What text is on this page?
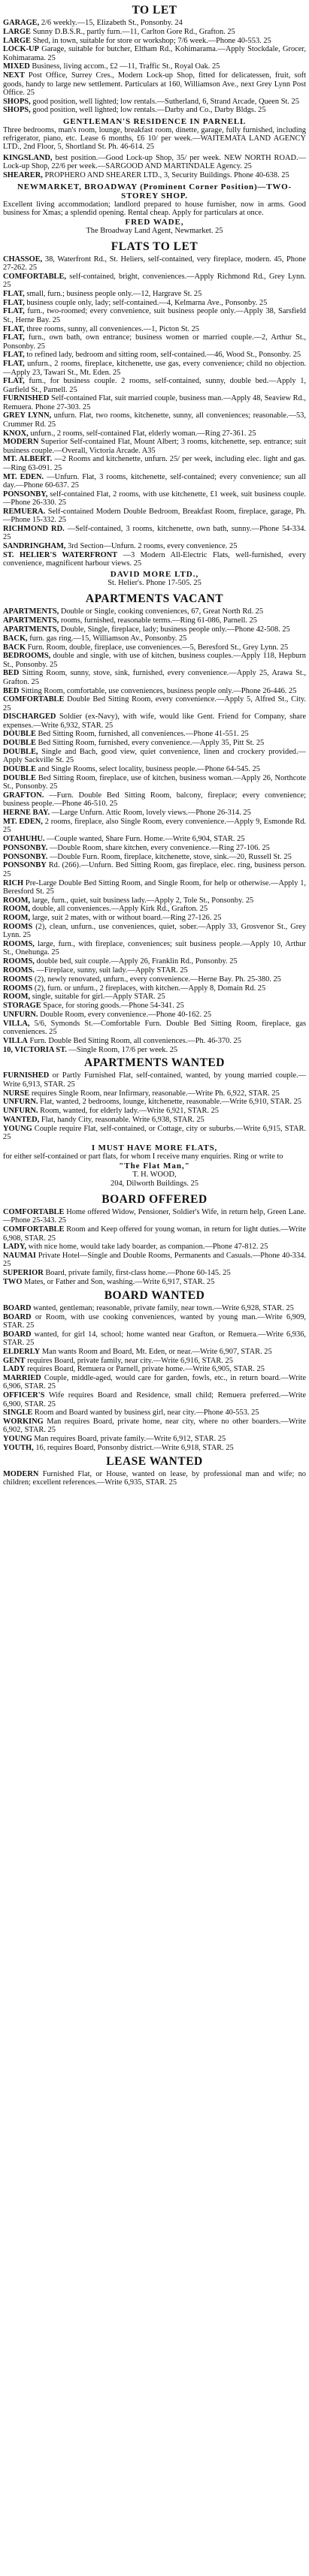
TO LET

GARAGE, 2/6 weekly.—15, Elizabeth St., Ponsonby. 24

LARGE Sunny D.B.S.R., partly furn.—11, Carlton Gore Rd., Grafton. 25

LARGE Shed, in town, suitable for store or workshop; 7/6 week.—Phone 40-553. 25

LOCK-UP Garage, suitable for butcher, Eltham Rd., Kohimarama.—Apply Stockdale, Grocer, Kohimarama. 25

MIXED Business, living accom., £2 —11, Traffic St., Royal Oak. 25

NEXT Post Office, Surrey Cres., Modern Lock-up Shop, fitted for delicatessen, fruit, soft goods, handy to large new settlement. Particulars at 160, Williamson Ave., next Grey Lynn Post Office. 25

SHOPS, good position, well lighted; low rentals.—Sutherland, 6, Strand Arcade, Queen St. 25

SHOPS, good position, well lighted; low rentals.—Darby and Co., Darby Bldgs. 25

GENTLEMAN'S RESIDENCE IN PARNELL
Three bedrooms, man's room, lounge, breakfast room, dinette, garage, fully furnished, including refrigerator, piano, etc. Lease 6 months, £6 10/ per week.—WAITEMATA LAND AGENCY LTD., 2nd Floor, 5, Shortland St. Ph. 46-614. 25

KINGSLAND, best position.—Good Lock-up Shop, 35/ per week. NEW NORTH ROAD.—Lock-up Shop, 22/6 per week.—SARGOOD AND MARTINDALE Agency. 25

SHEARER, PROPHERO AND SHEARER LTD., 3, Security Buildings. Phone 40-638. 25

NEWMARKET, BROADWAY (Prominent Corner Position)—TWO-STOREY SHOP.
Excellent living accommodation; landlord prepared to house furnisher, now in arms. Good business for Xmas; a splendid opening. Rental cheap. Apply for particulars at once.
FRED WADE,
The Broadway Land Agent, Newmarket. 25
FLATS TO LET

CHASSOE, 38, Waterfront Rd., St. Heliers, self-contained, very fireplace, modern. 45, Phone 27-262. 25

COMFORTABLE, self-contained, bright, conveniences.—Apply Richmond Rd., Grey Lynn. 25

FLAT, small, furn.; business people only.—12, Hargrave St. 25

FLAT, business couple only, lady; self-contained.—4, Kelmarna Ave., Ponsonby. 25

FLAT, furn., two-roomed; every convenience, suit business people only.—Apply 38, Sarsfield St., Herne Bay. 25

FLAT, three rooms, sunny, all conveniences.—1, Picton St. 25

FLAT, furn., own bath, own entrance; business women or married couple.—2, Arthur St., Ponsonby. 25

FLAT, to refined lady, bedroom and sitting room, self-contained.—46, Wood St., Ponsonby. 25

FLAT, unfurn., 2 rooms, fireplace, kitchenette, use gas, every convenience; child no objection.—Apply 23, Tawari St., Mt. Eden. 25

FLAT, furn., for business couple. 2 rooms, self-contained, sunny, double bed.—Apply 1, Garfield St., Parnell. 25

FURNISHED Self-contained Flat, suit married couple, business man.—Apply 48, Seaview Rd., Remuera. Phone 27-303. 25

GREY LYNN, unfurn. Flat, two rooms, kitchenette, sunny, all conveniences; reasonable.—53, Crummer Rd. 25

KNOX, unfurn., 2 rooms, self-contained Flat, elderly woman.—Ring 27-361. 25

MODERN Superior Self-contained Flat, Mount Albert; 3 rooms, kitchenette, sep. entrance; suit business couple.—Overall, Victoria Arcade. A35

MT. ALBERT. —2 Rooms and kitchenette, unfurn. 25/ per week, including elec. light and gas.—Ring 63-091. 25

MT. EDEN. —Unfurn. Flat, 3 rooms, kitchenette, self-contained; every convenience; sun all day.—Phone 60-637. 25

PONSONBY, self-contained Flat, 2 rooms, with use kitchenette, £1 week, suit business couple.—Phone 26-330. 25

REMUERA. Self-contained Modern Double Bedroom, Breakfast Room, fireplace, garage, Ph.—Phone 15-332. 25

RICHMOND RD. —Self-contained, 3 rooms, kitchenette, own bath, sunny.—Phone 54-334. 25

SANDRINGHAM, 3rd Section—Unfurn. 2 rooms, every convenience. 25

ST. HELIER'S WATERFRONT —3 Modern All-Electric Flats, well-furnished, every convenience, magnificent harbour views. 25

DAVID MORE LTD.,
St. Helier's. Phone 17-505. 25
APARTMENTS VACANT

APARTMENTS, Double or Single, cooking conveniences, 67, Great North Rd. 25

APARTMENTS, rooms, furnished, reasonable terms.—Ring 61-086, Parnell. 25

APARTMENTS, Double, Single, fireplace, lady; business people only.—Phone 42-508. 25

BACK, furn. gas ring.—15, Williamson Av., Ponsonby. 25

BACK Furn. Room, double, fireplace, use conveniences.—5, Beresford St., Grey Lynn. 25

BEDROOMS, double and single, with use of kitchen, business couples.—Apply 118, Hepburn St., Ponsonby. 25

BED Sitting Room, sunny, stove, sink, furnished, every convenience.—Apply 25, Arawa St., Grafton. 25

BED Sitting Room, comfortable, use conveniences, business people only.—Phone 26-446. 25

COMFORTABLE Double Bed Sitting Room, every convenience.—Apply 5, Alfred St., City. 25

DISCHARGED Soldier (ex-Navy), with wife, would like Gent. Friend for Company, share expenses.—Write 6,932, STAR. 25

DOUBLE Bed Sitting Room, furnished, all conveniences.—Phone 41-551. 25

DOUBLE Bed Sitting Room, furnished, every convenience.—Apply 35, Pitt St. 25

DOUBLE, Single and Bach, good view, quiet convenience, linen and crockery provided.—Apply Sackville St. 25

DOUBLE and Single Rooms, select locality, business people.—Phone 64-545. 25

DOUBLE Bed Sitting Room, fireplace, use of kitchen, business woman.—Apply 26, Northcote St., Ponsonby. 25

GRAFTON. —Furn. Double Bed Sitting Room, balcony, fireplace; every convenience; business people.—Phone 46-510. 25

HERNE BAY. —Large Unfurn. Attic Room, lovely views.—Phone 26-314. 25

MT. EDEN, 2 rooms, fireplace, also Single Room, every convenience.—Apply 9, Esmonde Rd. 25

OTAHUHU. —Couple wanted, Share Furn. Home.—Write 6,904, STAR. 25

PONSONBY. —Double Room, share kitchen, every convenience.—Ring 27-106. 25

PONSONBY. —Double Furn. Room, fireplace, kitchenette, stove, sink.—20, Russell St. 25

PONSONBY Rd. (266).—Unfurn. Bed Sitting Room, gas fireplace, elec. ring, business person. 25

RICH Pre-Large Double Bed Sitting Room, and Single Room, for help or otherwise.—Apply 1, Beresford St. 25

ROOM, large, furn., quiet, suit business lady.—Apply 2, Tole St., Ponsonby. 25

ROOM, double, all conveniences.—Apply Kirk Rd., Grafton. 25

ROOM, large, suit 2 mates, with or without board.—Ring 27-126. 25

ROOMS (2), clean, unfurn., use conveniences, quiet, sober.—Apply 33, Grosvenor St., Grey Lynn. 25

ROOMS, large, furn., with fireplace, conveniences; suit business people.—Apply 10, Arthur St., Onehunga. 25

ROOMS, double bed, suit couple.—Apply 26, Franklin Rd., Ponsonby. 25

ROOMS. —Fireplace, sunny, suit lady.—Apply STAR. 25

ROOMS (2), newly renovated, unfurn., every convenience.—Herne Bay. Ph. 25-380. 25

ROOMS (2), furn. or unfurn., 2 fireplaces, with kitchen.—Apply 8, Domain Rd. 25

ROOM, single, suitable for girl.—Apply STAR. 25

STORAGE Space, for storing goods.—Phone 54-341. 25

UNFURN. Double Room, every convenience.—Phone 40-162. 25

VILLA, 5/6, Symonds St.—Comfortable Furn. Double Bed Sitting Room, fireplace, gas conveniences. 25

VILLA Furn. Double Bed Sitting Room, all conveniences.—Ph. 46-370. 25

10, VICTORIA ST. —Single Room, 17/6 per week. 25

APARTMENTS WANTED

FURNISHED or Partly Furnished Flat, self-contained, wanted, by young married couple.—Write 6,913, STAR. 25

NURSE requires Single Room, near Infirmary, reasonable.—Write Ph. 6,922, STAR. 25

UNFURN. Flat, wanted, 2 bedrooms, lounge, kitchenette, reasonable.—Write 6,910, STAR. 25

UNFURN. Room, wanted, for elderly lady.—Write 6,921, STAR. 25

WANTED, Flat, handy City, reasonable. Write 6,938, STAR. 25

YOUNG Couple require Flat, self-contained, or Cottage, city or suburbs.—Write 6,915, STAR. 25

I MUST HAVE MORE FLATS,
for either self-contained or part flats, for whom I receive many enquiries. Ring or write to
"The Flat Man,"
T. H. WOOD,
204, Dilworth Buildings. 25
BOARD OFFERED

COMFORTABLE Home offered Widow, Pensioner, Soldier's Wife, in return help, Green Lane.—Phone 25-343. 25

COMFORTABLE Room and Keep offered for young woman, in return for light duties.—Write 6,908, STAR. 25

LADY, with nice home, would take lady boarder, as companion.—Phone 47-812. 25

NAUMAI Private Hotel—Single and Double Rooms, Permanents and Casuals.—Phone 40-334. 25

SUPERIOR Board, private family, first-class home.—Phone 60-145. 25

TWO Mates, or Father and Son, washing.—Write 6,917, STAR. 25

BOARD WANTED

BOARD wanted, gentleman; reasonable, private family, near town.—Write 6,928, STAR. 25

BOARD or Room, with use cooking conveniences, wanted by young man.—Write 6,909, STAR. 25

BOARD wanted, for girl 14, school; home wanted near Grafton, or Remuera.—Write 6,936, STAR. 25

ELDERLY Man wants Room and Board, Mt. Eden, or near.—Write 6,907, STAR. 25

GENT requires Board, private family, near city.—Write 6,916, STAR. 25

LADY requires Board, Remuera or Parnell, private home.—Write 6,905, STAR. 25

MARRIED Couple, middle-aged, would care for garden, fowls, etc., in return board.—Write 6,906, STAR. 25

OFFICER'S Wife requires Board and Residence, small child; Remuera preferred.—Write 6,900, STAR. 25

SINGLE Room and Board wanted by business girl, near city.—Phone 40-553. 25

WORKING Man requires Board, private home, near city, where no other boarders.—Write 6,902, STAR. 25

YOUNG Man requires Board, private family.—Write 6,912, STAR. 25

YOUTH, 16, requires Board, Ponsonby district.—Write 6,918, STAR. 25

LEASE WANTED

MODERN Furnished Flat, or House, wanted on lease, by professional man and wife; no children; excellent references.—Write 6,935, STAR. 25
